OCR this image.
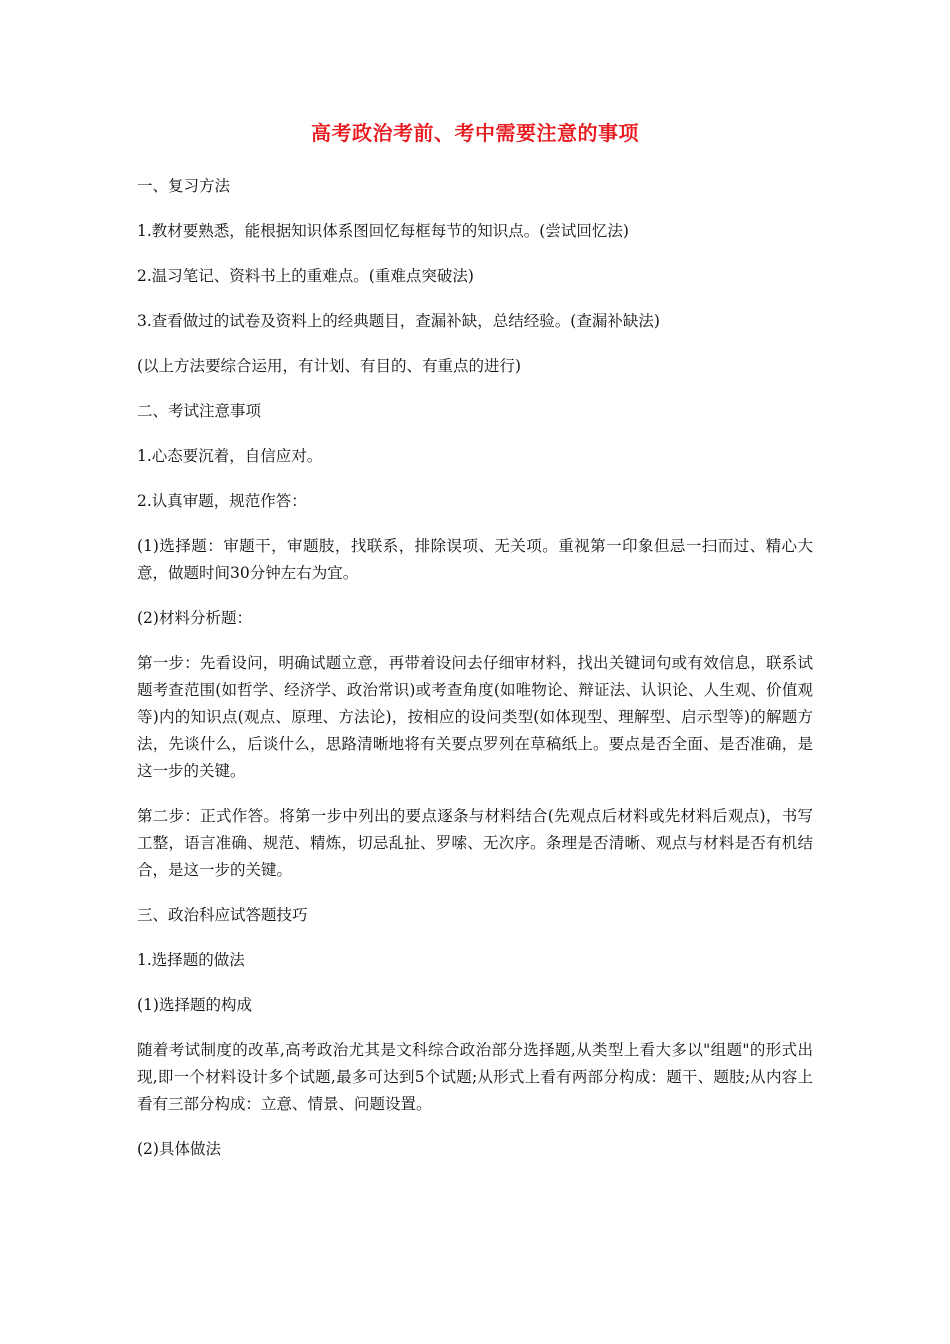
高考政治考前、考中需要注意的事项
一、复习方法
1.教材要熟悉，能根据知识体系图回忆每框每节的知识点。(尝试回忆法)
2.温习笔记、资料书上的重难点。(重难点突破法)
3.查看做过的试卷及资料上的经典题目，查漏补缺，总结经验。(查漏补缺法)
(以上方法要综合运用，有计划、有目的、有重点的进行)
二、考试注意事项
1.心态要沉着，自信应对。
2.认真审题，规范作答：
(1)选择题：审题干，审题肢，找联系，排除误项、无关项。重视第一印象但忌一扫而过、精心大意，做题时间30分钟左右为宜。
(2)材料分析题：
第一步：先看设问，明确试题立意，再带着设问去仔细审材料，找出关键词句或有效信息，联系试题考查范围(如哲学、经济学、政治常识)或考查角度(如唯物论、辩证法、认识论、人生观、价值观等)内的知识点(观点、原理、方法论)，按相应的设问类型(如体现型、理解型、启示型等)的解题方法，先谈什么，后谈什么，思路清晰地将有关要点罗列在草稿纸上。要点是否全面、是否准确，是这一步的关键。
第二步：正式作答。将第一步中列出的要点逐条与材料结合(先观点后材料或先材料后观点)，书写工整，语言准确、规范、精炼，切忌乱扯、罗嗦、无次序。条理是否清晰、观点与材料是否有机结合，是这一步的关键。
三、政治科应试答题技巧
1.选择题的做法
(1)选择题的构成
随着考试制度的改革,高考政治尤其是文科综合政治部分选择题,从类型上看大多以"组题"的形式出现,即一个材料设计多个试题,最多可达到5个试题;从形式上看有两部分构成：题干、题肢;从内容上看有三部分构成：立意、情景、问题设置。
(2)具体做法
